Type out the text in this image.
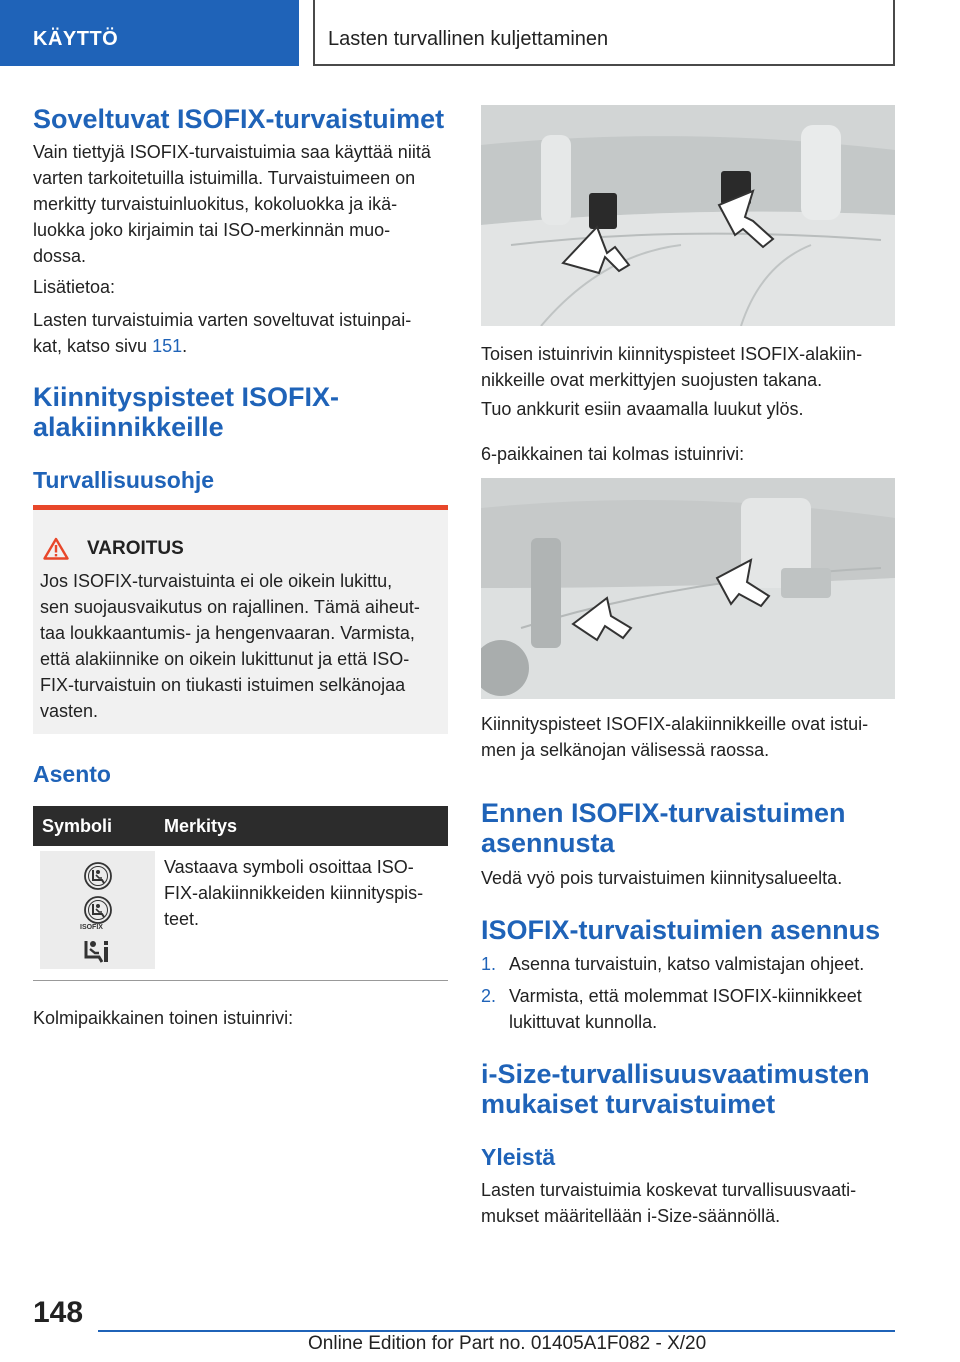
KÄYTTÖ	Lasten turvallinen kuljettaminen
Soveltuvat ISOFIX-turvaistuimet
Vain tiettyjä ISOFIX-turvaistuimia saa käyttää niitä
varten tarkoitetuilla istuimilla. Turvaistuimeen on
merkitty turvaistuinluokitus, kokoluokka ja ikä-
luokka joko kirjaimin tai ISO-merkinnän muo-
dossa.
Lisätietoa:
Lasten turvaistuimia varten soveltuvat istuinpai-
kat, katso sivu 151.
Kiinnityspisteet ISOFIX-
alakiinnikkeille
Turvallisuusohje
VAROITUS
Jos ISOFIX-turvaistuinta ei ole oikein lukittu,
sen suojausvaikutus on rajallinen. Tämä aiheut-
taa loukkaantumis- ja hengenvaaran. Varmista,
että alakiinnike on oikein lukittunut ja että ISO-
FIX-turvaistuin on tiukasti istuimen selkänojaa
vasten.
Asento
Symboli	Merkitys
ISOFIX
Vastaava symboli osoittaa ISO-
FIX-alakiinnikkeiden kiinnityspis-
teet.
Kolmipaikkainen toinen istuinrivi:
Toisen istuinrivin kiinnityspisteet ISOFIX-alakiin-
nikkeille ovat merkittyjen suojusten takana.
Tuo ankkurit esiin avaamalla luukut ylös.
6-paikkainen tai kolmas istuinrivi:
Kiinnityspisteet ISOFIX-alakiinnikkeille ovat istui-
men ja selkänojan välisessä raossa.
Ennen ISOFIX-turvaistuimen
asennusta
Vedä vyö pois turvaistuimen kiinnitysalueelta.
ISOFIX-turvaistuimien asennus
1. Asenna turvaistuin, katso valmistajan ohjeet.
2. Varmista, että molemmat ISOFIX-kiinnikkeet
lukittuvat kunnolla.
i-Size-turvallisuusvaatimusten
mukaiset turvaistuimet
Yleistä
Lasten turvaistuimia koskevat turvallisuusvaati-
mukset määritellään i-Size-säännöllä.
148
Online Edition for Part no. 01405A1F082 - X/20
